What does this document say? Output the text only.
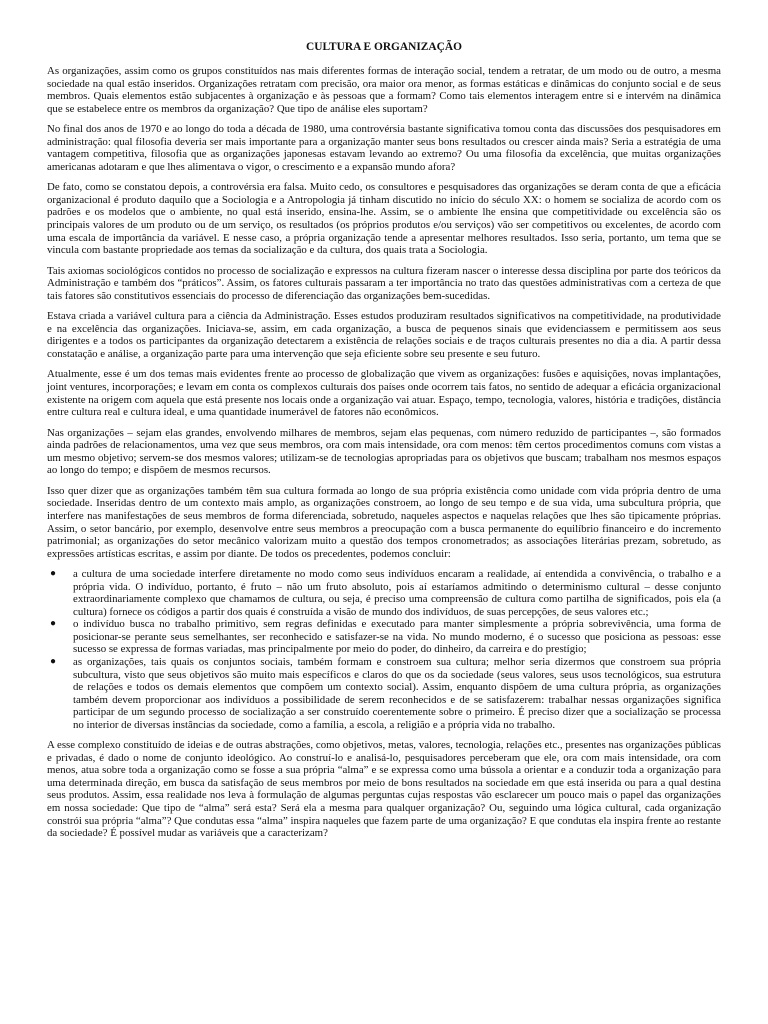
CULTURA E ORGANIZAÇÃO

As organizações, assim como os grupos constituídos nas mais diferentes formas de interação social, tendem a retratar, de um modo ou de outro, a mesma sociedade na qual estão inseridos. Organizações retratam com precisão, ora maior ora menor, as formas estáticas e dinâmicas do conjunto social e de seus membros. Quais elementos estão subjacentes à organização e às pessoas que a formam? Como tais elementos interagem entre si e intervém na dinâmica que se estabelece entre os membros da organização? Que tipo de análise eles suportam?

No final dos anos de 1970 e ao longo do toda a década de 1980, uma controvérsia bastante significativa tomou conta das discussões dos pesquisadores em administração: qual filosofia deveria ser mais importante para a organização manter seus bons resultados ou crescer ainda mais? Seria a estratégia de uma vantagem competitiva, filosofia que as organizações japonesas estavam levando ao extremo? Ou uma filosofia da excelência, que muitas organizações americanas adotaram e que lhes alimentava o vigor, o crescimento e a expansão mundo afora?

De fato, como se constatou depois, a controvérsia era falsa. Muito cedo, os consultores e pesquisadores das organizações se deram conta de que a eficácia organizacional é produto daquilo que a Sociologia e a Antropologia já tinham discutido no início do século XX: o homem se socializa de acordo com os padrões e os modelos que o ambiente, no qual está inserido, ensina-lhe. Assim, se o ambiente lhe ensina que competitividade ou excelência são os principais valores de um produto ou de um serviço, os resultados (os próprios produtos e/ou serviços) vão ser competitivos ou excelentes, de acordo com uma escala de importância da variável. E nesse caso, a própria organização tende a apresentar melhores resultados. Isso seria, portanto, um tema que se vincula com bastante propriedade aos temas da socialização e da cultura, dos quais trata a Sociologia.

Tais axiomas sociológicos contidos no processo de socialização e expressos na cultura fizeram nascer o interesse dessa disciplina por parte dos teóricos da Administração e também dos “práticos”. Assim, os fatores culturais passaram a ter importância no trato das questões administrativas com a certeza de que tais fatores são constitutivos essenciais do processo de diferenciação das organizações bem-sucedidas.

Estava criada a variável cultura para a ciência da Administração. Esses estudos produziram resultados significativos na competitividade, na produtividade e na excelência das organizações. Iniciava-se, assim, em cada organização, a busca de pequenos sinais que evidenciassem e permitissem aos seus dirigentes e a todos os participantes da organização detectarem a existência de relações sociais e de traços culturais presentes no dia a dia. A partir dessa constatação e análise, a organização parte para uma intervenção que seja eficiente sobre seu presente e seu futuro.

Atualmente, esse é um dos temas mais evidentes frente ao processo de globalização que vivem as organizações: fusões e aquisições, novas implantações, joint ventures, incorporações; e levam em conta os complexos culturais dos países onde ocorrem tais fatos, no sentido de adequar a eficácia organizacional existente na origem com aquela que está presente nos locais onde a organização vai atuar. Espaço, tempo, tecnologia, valores, história e tradições, distância entre cultura real e cultura ideal, e uma quantidade inumerável de fatores não econômicos.

Nas organizações – sejam elas grandes, envolvendo milhares de membros, sejam elas pequenas, com número reduzido de participantes –, são formados ainda padrões de relacionamentos, uma vez que seus membros, ora com mais intensidade, ora com menos: têm certos procedimentos comuns com vistas a um mesmo objetivo; servem-se dos mesmos valores; utilizam-se de tecnologias apropriadas para os objetivos que buscam; trabalham nos mesmos espaços ao longo do tempo; e dispõem de mesmos recursos.

Isso quer dizer que as organizações também têm sua cultura formada ao longo de sua própria existência como unidade com vida própria dentro de uma sociedade. Inseridas dentro de um contexto mais amplo, as organizações constroem, ao longo de seu tempo e de sua vida, uma subcultura própria, que interfere nas manifestações de seus membros de forma diferenciada, sobretudo, naqueles aspectos e naquelas relações que lhes são tipicamente próprias. Assim, o setor bancário, por exemplo, desenvolve entre seus membros a preocupação com a busca permanente do equilíbrio financeiro e do incremento patrimonial; as organizações do setor mecânico valorizam muito a questão dos tempos cronometrados; as associações literárias prezam, sobretudo, as expressões artísticas escritas, e assim por diante. De todos os precedentes, podemos concluir:

● a cultura de uma sociedade interfere diretamente no modo como seus indivíduos encaram a realidade, aí entendida a convivência, o trabalho e a própria vida. O indivíduo, portanto, é fruto – não um fruto absoluto, pois aí estaríamos admitindo o determinismo cultural – desse conjunto extraordinariamente complexo que chamamos de cultura, ou seja, é preciso uma compreensão de cultura como partilha de significados, pois ela (a cultura) fornece os códigos a partir dos quais é construída a visão de mundo dos indivíduos, de suas percepções, de seus valores etc.;
● o indivíduo busca no trabalho primitivo, sem regras definidas e executado para manter simplesmente a própria sobrevivência, uma forma de posicionar-se perante seus semelhantes, ser reconhecido e satisfazer-se na vida. No mundo moderno, é o sucesso que posiciona as pessoas: esse sucesso se expressa de formas variadas, mas principalmente por meio do poder, do dinheiro, da carreira e do prestígio;
● as organizações, tais quais os conjuntos sociais, também formam e constroem sua cultura; melhor seria dizermos que constroem sua própria subcultura, visto que seus objetivos são muito mais específicos e claros do que os da sociedade (seus valores, seus usos tecnológicos, sua estrutura de relações e todos os demais elementos que compõem um contexto social). Assim, enquanto dispõem de uma cultura própria, as organizações também devem proporcionar aos indivíduos a possibilidade de serem reconhecidos e de se satisfazerem: trabalhar nessas organizações significa participar de um segundo processo de socialização a ser construído coerentemente sobre o primeiro. É preciso dizer que a socialização se processa no interior de diversas instâncias da sociedade, como a família, a escola, a religião e a própria vida no trabalho.

A esse complexo constituído de ideias e de outras abstrações, como objetivos, metas, valores, tecnologia, relações etc., presentes nas organizações públicas e privadas, é dado o nome de conjunto ideológico. Ao construí-lo e analisá-lo, pesquisadores perceberam que ele, ora com mais intensidade, ora com menos, atua sobre toda a organização como se fosse a sua própria “alma” e se expressa como uma bússola a orientar e a conduzir toda a organização para uma determinada direção, em busca da satisfação de seus membros por meio de bons resultados na sociedade em que está inserida ou para a qual destina seus produtos. Assim, essa realidade nos leva à formulação de algumas perguntas cujas respostas vão esclarecer um pouco mais o papel das organizações em nossa sociedade: Que tipo de “alma” será esta? Será ela a mesma para qualquer organização? Ou, seguindo uma lógica cultural, cada organização constrói sua própria “alma”? Que condutas essa “alma” inspira naqueles que fazem parte de uma organização? E que condutas ela inspira frente ao restante da sociedade? É possível mudar as variáveis que a caracterizam?
